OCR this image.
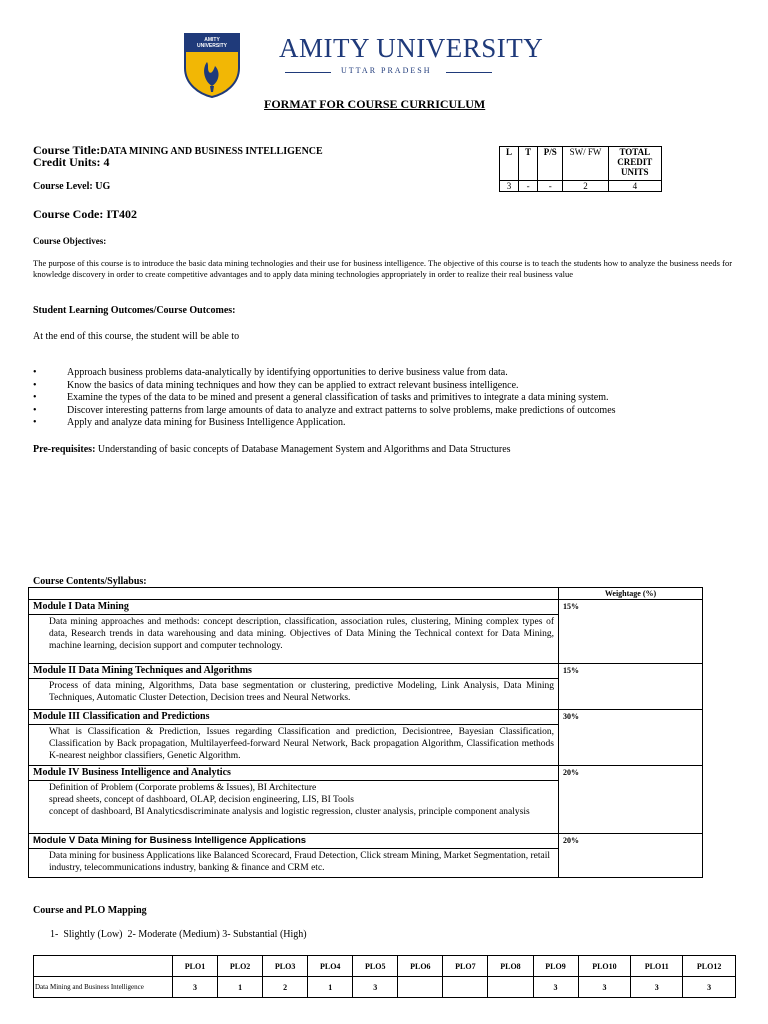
AMITY UNIVERSITY AMITY UNIVERSITY
UTTAR PRADESH
FORMAT FOR COURSE CURRICULUM
Course Title:DATA MINING AND BUSINESS INTELLIGENCE
Credit Units: 4
Course Level: UG
Course Code: IT402
L	T	P/S	SW/ FW	TOTAL CREDIT UNITS
3	-	-	2	4
Course Objectives:
The purpose of this course is to introduce the basic data mining technologies and their use for business intelligence. The objective of this course is to teach the students how to analyze the business needs for knowledge discovery in order to create competitive advantages and to apply data mining technologies appropriately in order to realize their real business value
Student Learning Outcomes/Course Outcomes:
At the end of this course, the student will be able to
•	Approach business problems data-analytically by identifying opportunities to derive business value from data.
•	Know the basics of data mining techniques and how they can be applied to extract relevant business intelligence.
•	Examine the types of the data to be mined and present a general classification of tasks and primitives to integrate a data mining system.
•	Discover interesting patterns from large amounts of data to analyze and extract patterns to solve problems, make predictions of outcomes
•	Apply and analyze data mining for Business Intelligence Application.
Pre-requisites: Understanding of basic concepts of Database Management System and Algorithms and Data Structures
Course Contents/Syllabus:
	Weightage (%)
Module I Data Mining	15%
Data mining approaches and methods: concept description, classification, association rules, clustering, Mining complex types of data, Research trends in data warehousing and data mining. Objectives of Data Mining the Technical context for Data Mining, machine learning, decision support and computer technology.	
Module II Data Mining Techniques and Algorithms	15%
Process of data mining, Algorithms, Data base segmentation or clustering, predictive Modeling, Link Analysis, Data Mining Techniques, Automatic Cluster Detection, Decision trees and Neural Networks.	
Module III Classification and Predictions	30%
What is Classification & Prediction, Issues regarding Classification and prediction, Decisiontree, Bayesian Classification, Classification by Back propagation, Multilayerfeed-forward Neural Network, Back propagation Algorithm, Classification methods K-nearest neighbor classifiers, Genetic Algorithm.	
Module IV Business Intelligence and Analytics	20%

Definition of Problem (Corporate problems & Issues), BI Architecture
spread sheets, concept of dashboard, OLAP, decision engineering, LIS, BI Tools
concept of dashboard, BI Analyticsdiscriminate analysis and logistic regression, cluster analysis, principle component analysis	

Module V Data Mining for Business Intelligence Applications	20%
Data mining for business Applications like Balanced Scorecard, Fraud Detection, Click stream Mining, Market Segmentation, retail industry, telecommunications industry, banking & finance and CRM etc.	
Course and PLO Mapping
1-  Slightly (Low)  2- Moderate (Medium) 3- Substantial (High)
	PLO1	PLO2	PLO3	PLO4	PLO5	PLO6	PLO7	PLO8	PLO9	PLO10	PLO11	PLO12
Data Mining and Business Intelligence	3	1	2	1	3				3	3	3	3
